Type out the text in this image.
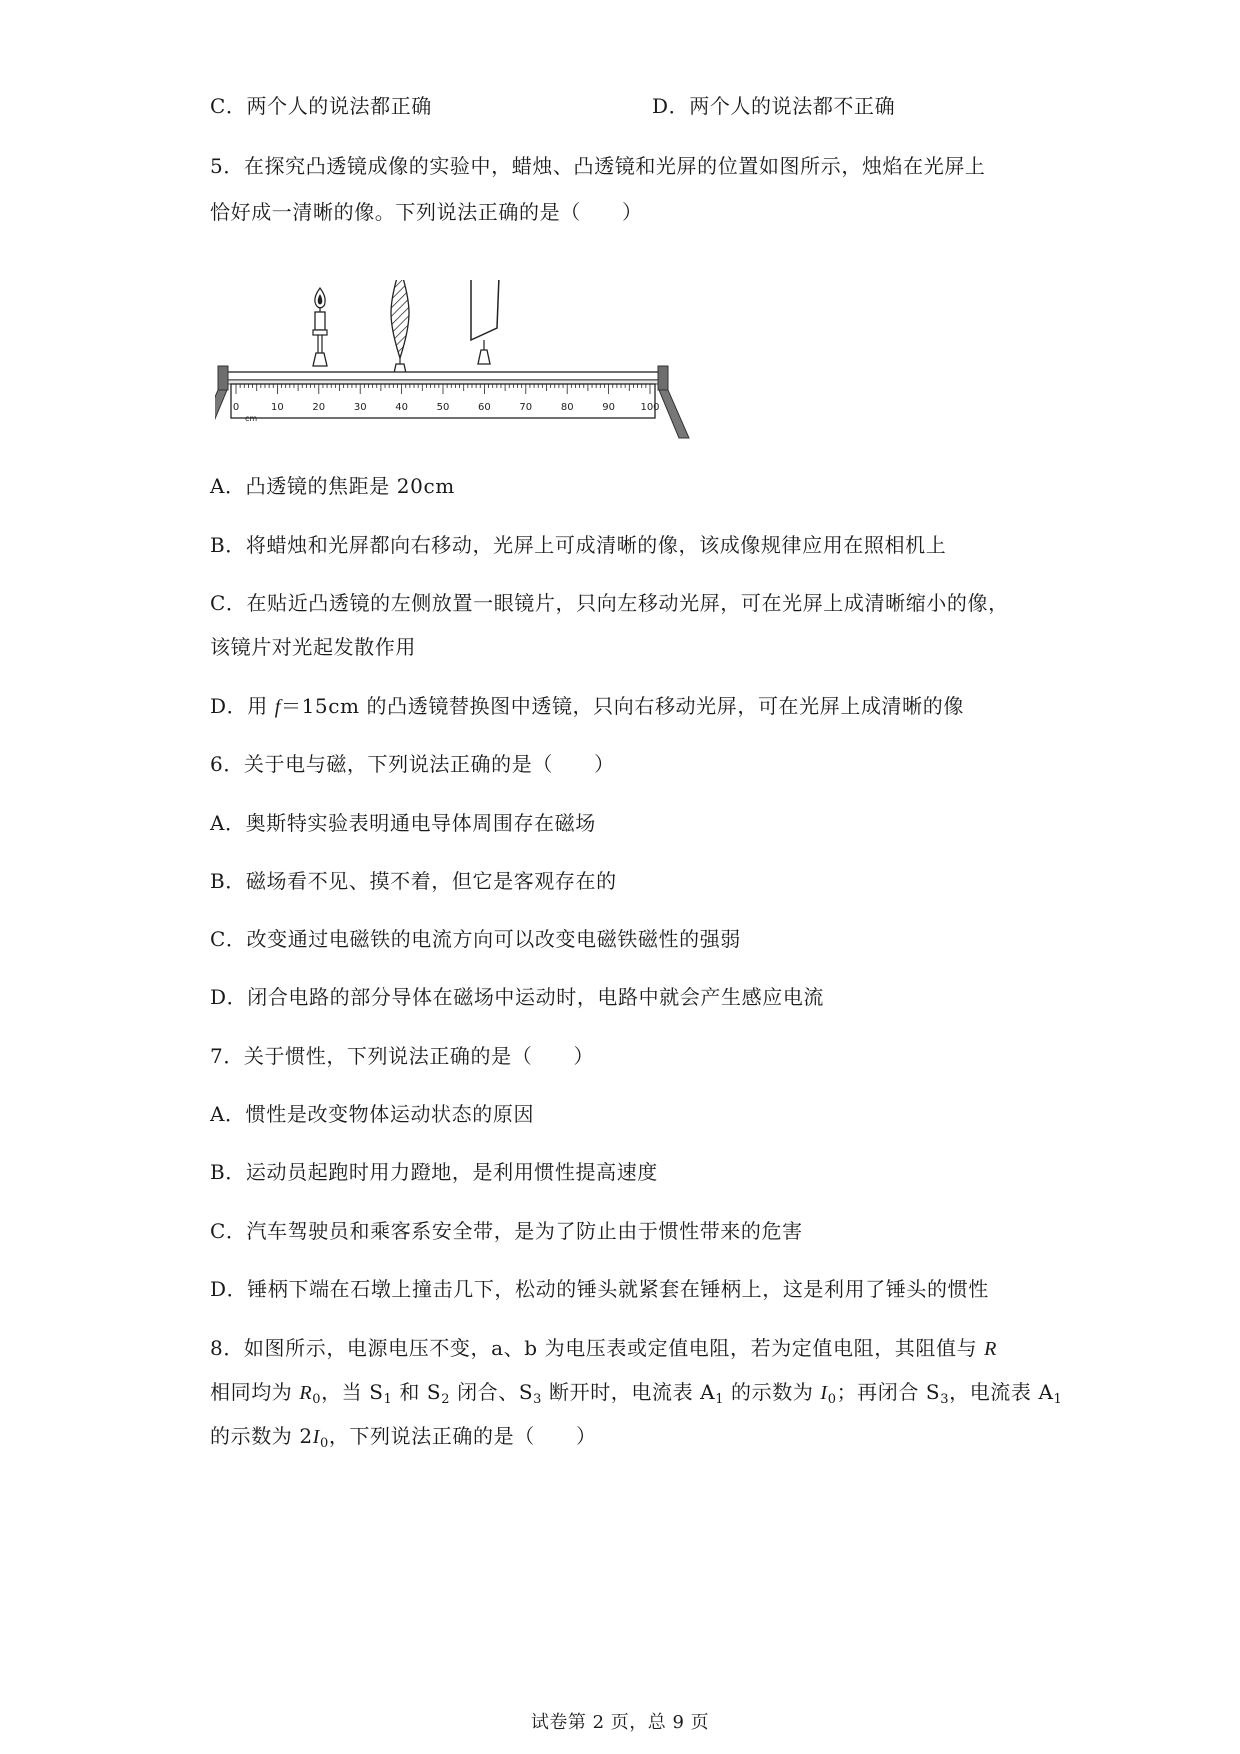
C．两个人的说法都正确	D．两个人的说法都不正确
5．在探究凸透镜成像的实验中，蜡烛、凸透镜和光屏的位置如图所示，烛焰在光屏上
恰好成一清晰的像。下列说法正确的是（　　）
0	10	20	30	40	50	60	70	80	90	100
cm
A．凸透镜的焦距是 20cm
B．将蜡烛和光屏都向右移动，光屏上可成清晰的像，该成像规律应用在照相机上
C．在贴近凸透镜的左侧放置一眼镜片，只向左移动光屏，可在光屏上成清晰缩小的像，
该镜片对光起发散作用
D．用 f＝15cm 的凸透镜替换图中透镜，只向右移动光屏，可在光屏上成清晰的像
6．关于电与磁，下列说法正确的是（　　）
A．奥斯特实验表明通电导体周围存在磁场
B．磁场看不见、摸不着，但它是客观存在的
C．改变通过电磁铁的电流方向可以改变电磁铁磁性的强弱
D．闭合电路的部分导体在磁场中运动时，电路中就会产生感应电流
7．关于惯性，下列说法正确的是（　　）
A．惯性是改变物体运动状态的原因
B．运动员起跑时用力蹬地，是利用惯性提高速度
C．汽车驾驶员和乘客系安全带，是为了防止由于惯性带来的危害
D．锤柄下端在石墩上撞击几下，松动的锤头就紧套在锤柄上，这是利用了锤头的惯性
8．如图所示，电源电压不变，a、b 为电压表或定值电阻，若为定值电阻，其阻值与 R
相同均为 $R_0$，当 $S_1$ 和 $S_2$ 闭合、$S_3$ 断开时，电流表 $A_1$ 的示数为 $I_0$；再闭合 $S_3$，电流表 $A_1$
的示数为 $2I_0$，下列说法正确的是（　　）
试卷第 2 页，总 9 页
